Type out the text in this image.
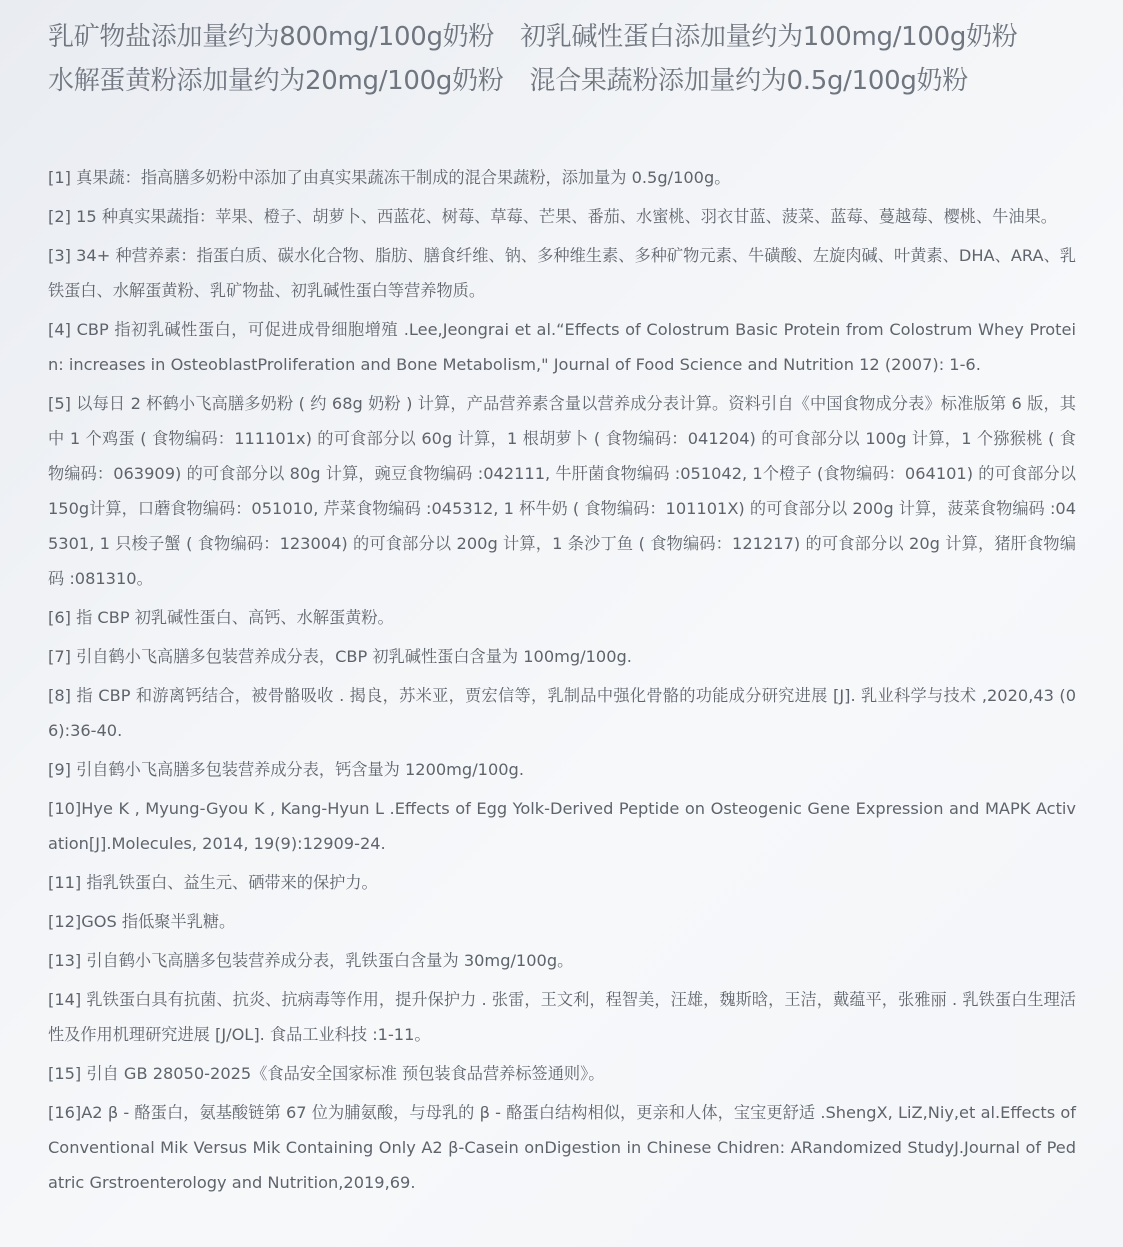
乳矿物盐添加量约为800mg/100g奶粉 初乳碱性蛋白添加量约为100mg/100g奶粉
水解蛋黄粉添加量约为20mg/100g奶粉 混合果蔬粉添加量约为0.5g/100g奶粉

[1] 真果蔬：指高膳多奶粉中添加了由真实果蔬冻干制成的混合果蔬粉，添加量为 0.5g/100g。

[2] 15 种真实果蔬指：苹果、橙子、胡萝卜、西蓝花、树莓、草莓、芒果、番茄、水蜜桃、羽衣甘蓝、菠菜、蓝莓、蔓越莓、樱桃、牛油果。

[3] 34+ 种营养素：指蛋白质、碳水化合物、脂肪、膳食纤维、钠、多种维生素、多种矿物元素、牛磺酸、左旋肉碱、叶黄素、DHA、ARA、乳铁蛋白、水解蛋黄粉、乳矿物盐、初乳碱性蛋白等营养物质。

[4] CBP 指初乳碱性蛋白，可促进成骨细胞增殖 .Lee,Jeongrai et al.“Effects of Colostrum Basic Protein from Colostrum Whey Protein: increases in OsteoblastProliferation and Bone Metabolism," Journal of Food Science and Nutrition 12 (2007): 1-6.

[5] 以每日 2 杯鹤小飞高膳多奶粉 ( 约 68g 奶粉 ) 计算，产品营养素含量以营养成分表计算。资料引自《中国食物成分表》标准版第 6 版，其中 1 个鸡蛋 ( 食物编码：111101x) 的可食部分以 60g 计算，1 根胡萝卜 ( 食物编码：041204) 的可食部分以 100g 计算，1 个猕猴桃 ( 食物编码：063909) 的可食部分以 80g 计算，豌豆食物编码 :042111, 牛肝菌食物编码 :051042, 1个橙子 (食物编码：064101) 的可食部分以150g计算，口蘑食物编码：051010, 芹菜食物编码 :045312, 1 杯牛奶 ( 食物编码：101101X) 的可食部分以 200g 计算，菠菜食物编码 :045301, 1 只梭子蟹 ( 食物编码：123004) 的可食部分以 200g 计算，1 条沙丁鱼 ( 食物编码：121217) 的可食部分以 20g 计算，猪肝食物编码 :081310。

[6] 指 CBP 初乳碱性蛋白、高钙、水解蛋黄粉。

[7] 引自鹤小飞高膳多包装营养成分表，CBP 初乳碱性蛋白含量为 100mg/100g.

[8] 指 CBP 和游离钙结合，被骨骼吸收 . 揭良，苏米亚，贾宏信等，乳制品中强化骨骼的功能成分研究进展 [J]. 乳业科学与技术 ,2020,43 (06):36-40.

[9] 引自鹤小飞高膳多包装营养成分表，钙含量为 1200mg/100g.

[10]Hye K , Myung-Gyou K , Kang-Hyun L .Effects of Egg Yolk-Derived Peptide on Osteogenic Gene Expression and MAPK Activation[J].Molecules, 2014, 19(9):12909-24.

[11] 指乳铁蛋白、益生元、硒带来的保护力。

[12]GOS 指低聚半乳糖。

[13] 引自鹤小飞高膳多包装营养成分表，乳铁蛋白含量为 30mg/100g。

[14] 乳铁蛋白具有抗菌、抗炎、抗病毒等作用，提升保护力 . 张雷，王文利，程智美，汪雄，魏斯晗，王洁，戴蕴平，张雅丽 . 乳铁蛋白生理活性及作用机理研究进展 [J/OL]. 食品工业科技 :1-11。

[15] 引自 GB 28050-2025《食品安全国家标准 预包装食品营养标签通则》。

[16]A2 β - 酪蛋白，氨基酸链第 67 位为脯氨酸，与母乳的 β - 酪蛋白结构相似，更亲和人体，宝宝更舒适 .ShengX, LiZ,Niy,et al.Effects of Conventional Mik Versus Mik Containing Only A2 β-Casein onDigestion in Chinese Chidren: ARandomized StudyJ.Journal of Pedatric Grstroenterology and Nutrition,2019,69.
